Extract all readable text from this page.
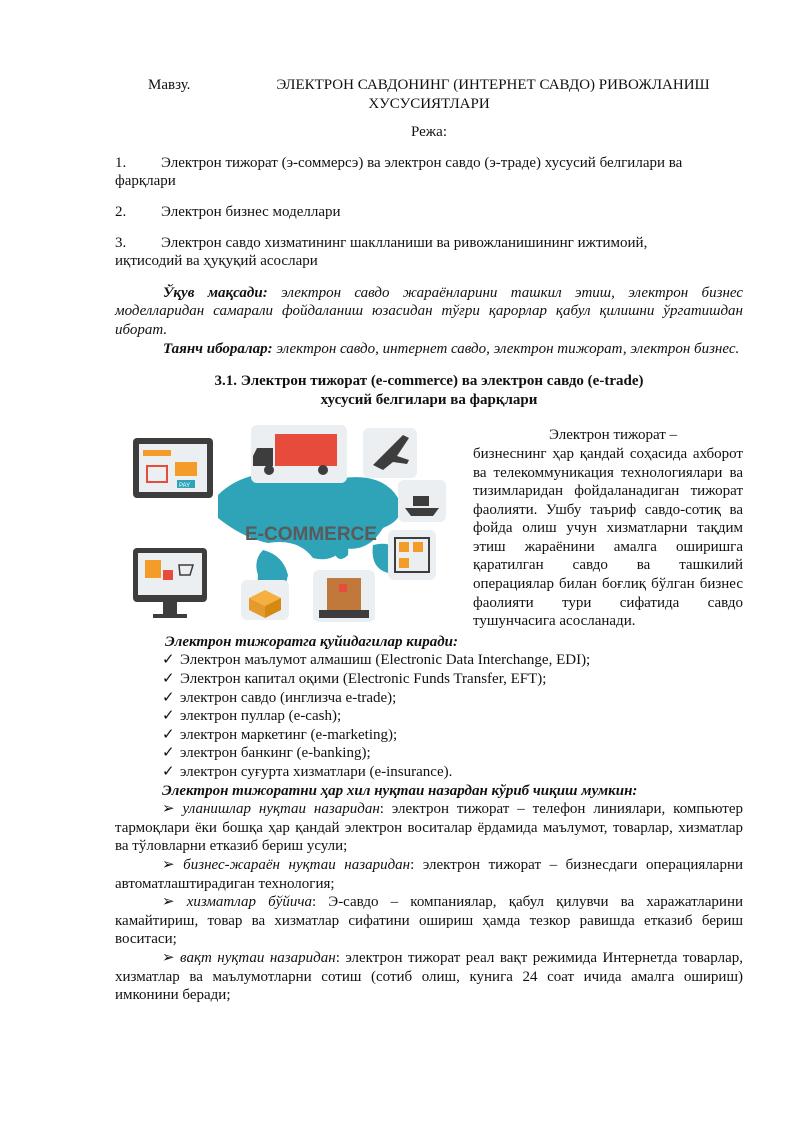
Мавзу.	ЭЛЕКТРОН САВДОНИНГ (ИНТЕРНЕТ САВДО) РИВОЖЛАНИШ
ХУСУСИЯТЛАРИ
Режа:
1. Электрон тижорат (э-соммерсэ) ва электрон савдо (э-траде) хусусий белгилари ва
фарқлари
2. Электрон бизнес моделлари
3. Электрон савдо хизматининг шаклланиши ва ривожланишининг ижтимоий,
иқтисодий ва ҳуқуқий асослари
Ўқув мақсади: электрон савдо жараёнларини ташкил этиш, электрон бизнес моделларидан самарали фойдаланиш юзасидан тўғри қарорлар қабул қилишни ўргатишдан иборат.
Таянч иборалар: электрон савдо, интернет савдо, электрон тижорат, электрон бизнес.
3.1. Электрон тижорат (e-commerce) ва электрон савдо (e-trade)
хусусий белгилари ва фарқлари
E-COMMERCE
PAY
Электрон тижорат –
бизнеснинг ҳар қандай соҳасида ахборот ва телекоммуникация технологиялари ва тизимларидан фойдаланадиган тижорат фаолияти. Ушбу таъриф савдо-сотиқ ва фойда олиш учун хизматларни тақдим этиш жараёнини амалга оширишга қаратилган савдо ва ташкилий операциялар билан боғлиқ бўлган бизнес фаолияти тури сифатида савдо тушунчасига асосланади.
Электрон тижоратга қуйидагилар киради:
✓ Электрон маълумот алмашиш (Electronic Data Interchange, EDI);
✓ Электрон капитал оқими (Electronic Funds Transfer, EFT);
✓ электрон савдо (инглизча e-trade);
✓ электрон пуллар (e-cash);
✓ электрон маркетинг (e-marketing);
✓ электрон банкинг (e-banking);
✓ электрон суғурта хизматлари (e-insurance).
Электрон тижоратни ҳар хил нуқтаи назардан кўриб чиқиш мумкин:
➢ уланишлар нуқтаи назаридан: электрон тижорат – телефон линиялари, компьютер тармоқлари ёки бошқа ҳар қандай электрон воситалар ёрдамида маълумот, товарлар, хизматлар ва тўловларни етказиб бериш усули;
➢ бизнес-жараён нуқтаи назаридан: электрон тижорат – бизнесдаги операцияларни автоматлаштирадиган технология;
➢ хизматлар бўйича: Э-савдо – компаниялар, қабул қилувчи ва харажатларини камайтириш, товар ва хизматлар сифатини ошириш ҳамда тезкор равишда етказиб бериш воситаси;
➢ вақт нуқтаи назаридан: электрон тижорат реал вақт режимида Интернетда товарлар, хизматлар ва маълумотларни сотиш (сотиб олиш, кунига 24 соат ичида амалга ошириш) имконини беради;
